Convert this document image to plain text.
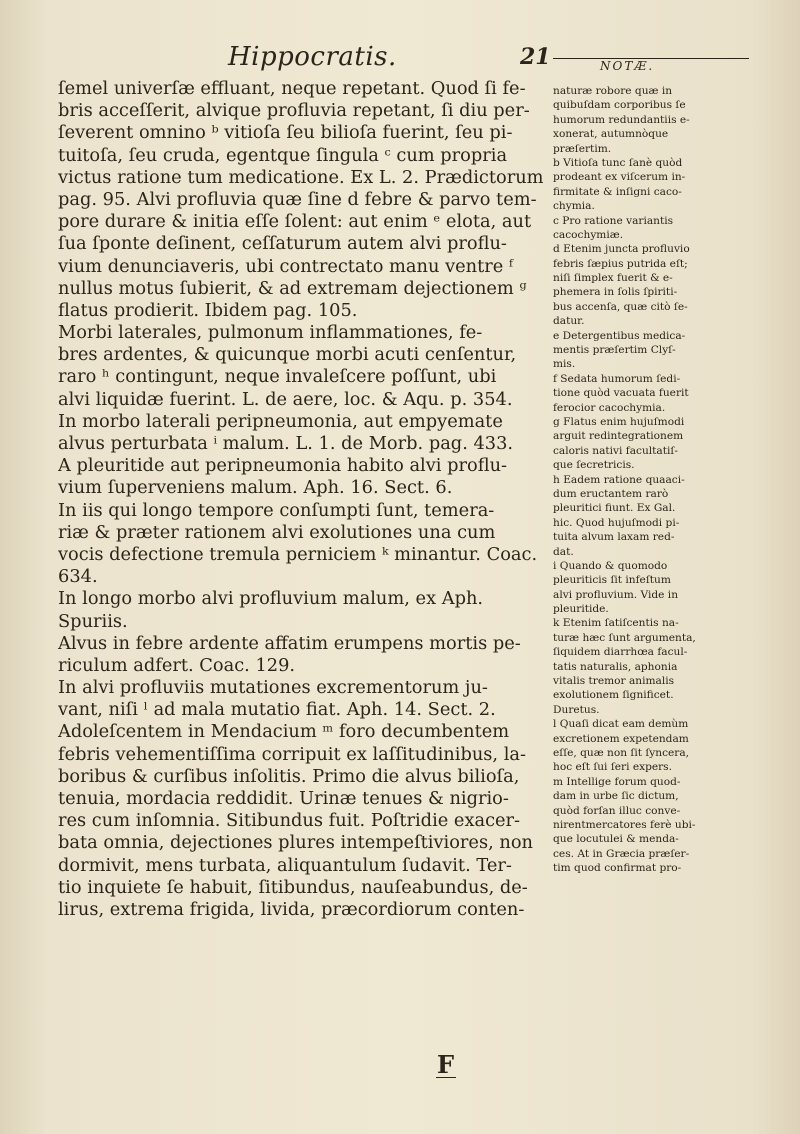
Hippocratis.	21	NOTÆ.
ſemel univerſæ effluant, neque repetant. Quod ſi fe-
bris acceſſerit, alvique profluvia repetant, ſi diu per-
ſeverent omnino ᵇ vitioſa ſeu bilioſa fuerint, ſeu pi-
tuitoſa, ſeu cruda, egentque ſingula ᶜ cum propria
victus ratione tum medicatione. Ex L. 2. Prædictorum
pag. 95. Alvi profluvia quæ ſine d febre & parvo tem-
pore durare & initia eſſe ſolent: aut enim ᵉ elota, aut
ſua ſponte deſinent, ceſſaturum autem alvi proflu-
vium denunciaveris, ubi contrectato manu ventre ᶠ
nullus motus ſubierit, & ad extremam dejectionem ᵍ
flatus prodierit. Ibidem pag. 105.
Morbi laterales, pulmonum inflammationes, fe-
bres ardentes, & quicunque morbi acuti cenſentur,
raro ʰ contingunt, neque invaleſcere poſſunt, ubi
alvi liquidæ fuerint. L. de aere, loc. & Aqu. p. 354.
In morbo laterali peripneumonia, aut empyemate
alvus perturbata ⁱ malum. L. 1. de Morb. pag. 433.
A pleuritide aut peripneumonia habito alvi proflu-
vium ſuperveniens malum. Aph. 16. Sect. 6.
In iis qui longo tempore conſumpti ſunt, temera-
riæ & præter rationem alvi exolutiones una cum
vocis defectione tremula perniciem ᵏ minantur. Coac.
634.
In longo morbo alvi profluvium malum, ex Aph.
Spuriis.
Alvus in febre ardente affatim erumpens mortis pe-
riculum adfert. Coac. 129.
In alvi profluviis mutationes excrementorum ju-
vant, niſi ˡ ad mala mutatio fiat. Aph. 14. Sect. 2.
Adoleſcentem in Mendacium ᵐ foro decumbentem
febris vehementiſſima corripuit ex laſſitudinibus, la-
boribus & curſibus inſolitis. Primo die alvus bilioſa,
tenuia, mordacia reddidit. Urinæ tenues & nigrio-
res cum inſomnia. Sitibundus fuit. Poſtridie exacer-
bata omnia, dejectiones plures intempeſtiviores, non
dormivit, mens turbata, aliquantulum ſudavit. Ter-
tio inquiete ſe habuit, ſitibundus, nauſeabundus, de-
lirus, extrema frigida, livida, præcordiorum conten-
naturæ robore quæ in
quibuſdam corporibus ſe
humorum redundantiis e-
xonerat, autumnòque
præſertim.
b Vitioſa tunc ſanè quòd
prodeant ex viſcerum in-
firmitate & inſigni caco-
chymia.
c Pro ratione variantis
cacochymiæ.
d Etenim juncta profluvio
febris ſæpius putrida eſt;
niſi ſimplex fuerit & e-
phemera in ſolis ſpiriti-
bus accenſa, quæ citò ſe-
datur.
e Detergentibus medica-
mentis præſertim Clyſ-
mis.
f Sedata humorum ſedi-
tione quòd vacuata fuerit
ferocior cacochymia.
g Flatus enim hujuſmodi
arguit redintegrationem
caloris nativi facultatiſ-
que ſecretricis.
h Eadem ratione quaaci-
dum eructantem rarò
pleuritici fiunt. Ex Gal.
hic. Quod hujuſmodi pi-
tuita alvum laxam red-
dat.
i Quando & quomodo
pleuriticis ſit infeſtum
alvi profluvium. Vide in
pleuritide.
k Etenim ſatiſcentis na-
turæ hæc ſunt argumenta,
ſiquidem diarrhœa facul-
tatis naturalis, aphonia
vitalis tremor animalis
exolutionem ſignificet.
Duretus.
l Quaſi dicat eam demùm
excretionem expetendam
eſſe, quæ non ſit ſyncera,
hoc eſt ſui ſeri expers.
m Intellige forum quod-
dam in urbe ſic dictum,
quòd forſan illuc conve-
nirentmercatores ferè ubi-
que locutulei & menda-
ces. At in Græcia præſer-
tim quod confirmat pro-
F
